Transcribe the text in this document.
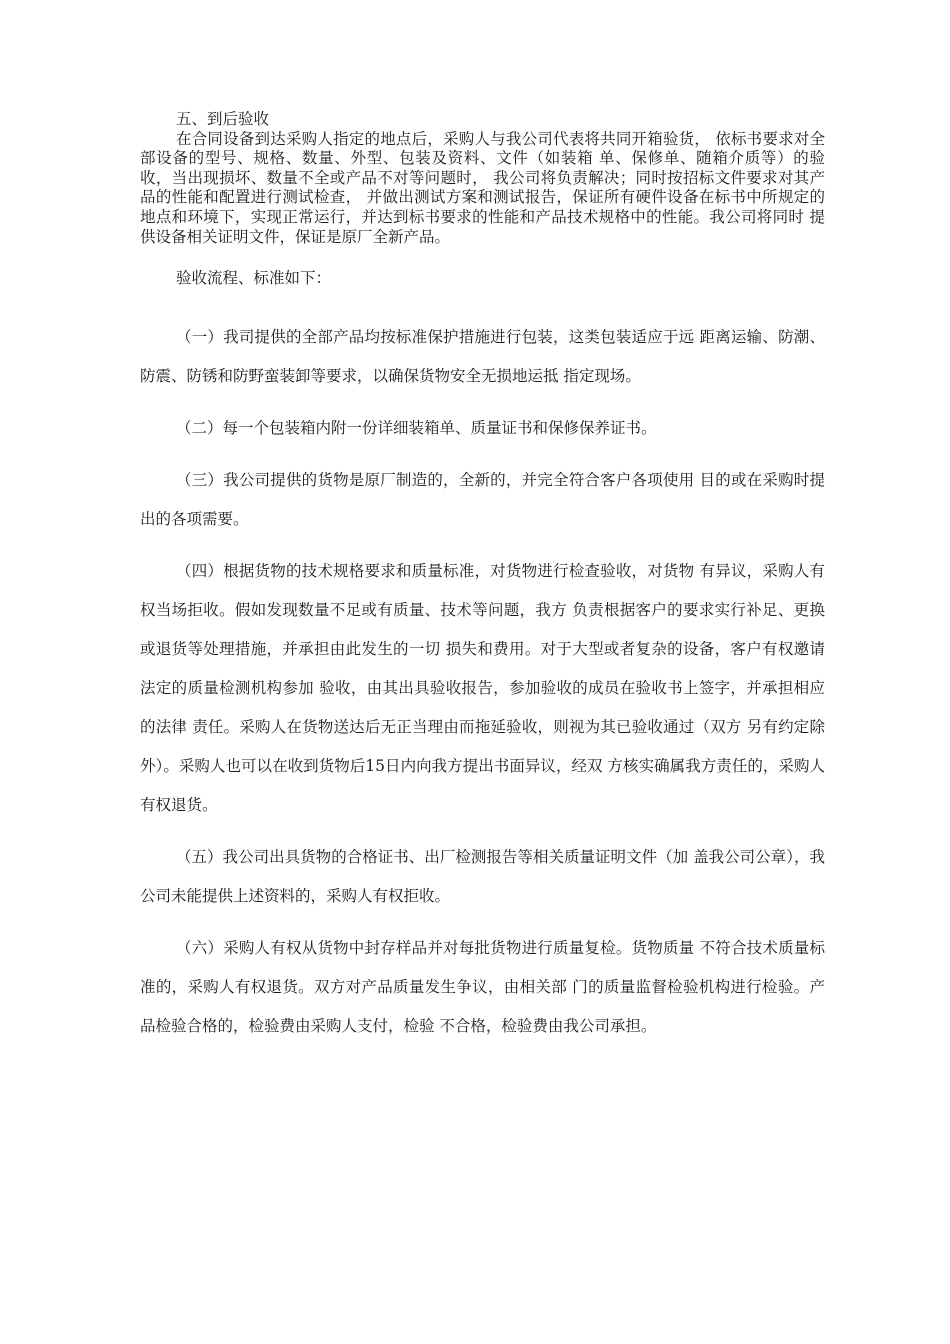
五、到后验收
在合同设备到达采购人指定的地点后，采购人与我公司代表将共同开箱验货， 依标书要求对全部设备的型号、规格、数量、外型、包装及资料、文件（如装箱 单、保修单、随箱介质等）的验收，当出现损坏、数量不全或产品不对等问题时， 我公司将负责解决；同时按招标文件要求对其产品的性能和配置进行测试检查， 并做出测试方案和测试报告，保证所有硬件设备在标书中所规定的地点和环境下，实现正常运行，并达到标书要求的性能和产品技术规格中的性能。我公司将同时 提供设备相关证明文件，保证是原厂全新产品。
验收流程、标准如下：

（一）我司提供的全部产品均按标准保护措施进行包装，这类包装适应于远 距离运输、防潮、防震、防锈和防野蛮装卸等要求，以确保货物安全无损地运抵 指定现场。

（二）每一个包装箱内附一份详细装箱单、质量证书和保修保养证书。

（三）我公司提供的货物是原厂制造的，全新的，并完全符合客户各项使用 目的或在采购时提出的各项需要。

（四）根据货物的技术规格要求和质量标准，对货物进行检查验收，对货物 有异议，采购人有权当场拒收。假如发现数量不足或有质量、技术等问题，我方 负责根据客户的要求实行补足、更换或退货等处理措施，并承担由此发生的一切 损失和费用。对于大型或者复杂的设备，客户有权邀请法定的质量检测机构参加 验收，由其出具验收报告，参加验收的成员在验收书上签字，并承担相应的法律 责任。采购人在货物送达后无正当理由而拖延验收，则视为其已验收通过（双方 另有约定除外）。采购人也可以在收到货物后15日内向我方提出书面异议，经双 方核实确属我方责任的，采购人有权退货。

（五）我公司出具货物的合格证书、出厂检测报告等相关质量证明文件（加 盖我公司公章），我公司未能提供上述资料的，采购人有权拒收。

（六）采购人有权从货物中封存样品并对每批货物进行质量复检。货物质量 不符合技术质量标准的，采购人有权退货。双方对产品质量发生争议，由相关部 门的质量监督检验机构进行检验。产品检验合格的，检验费由采购人支付，检验 不合格，检验费由我公司承担。
